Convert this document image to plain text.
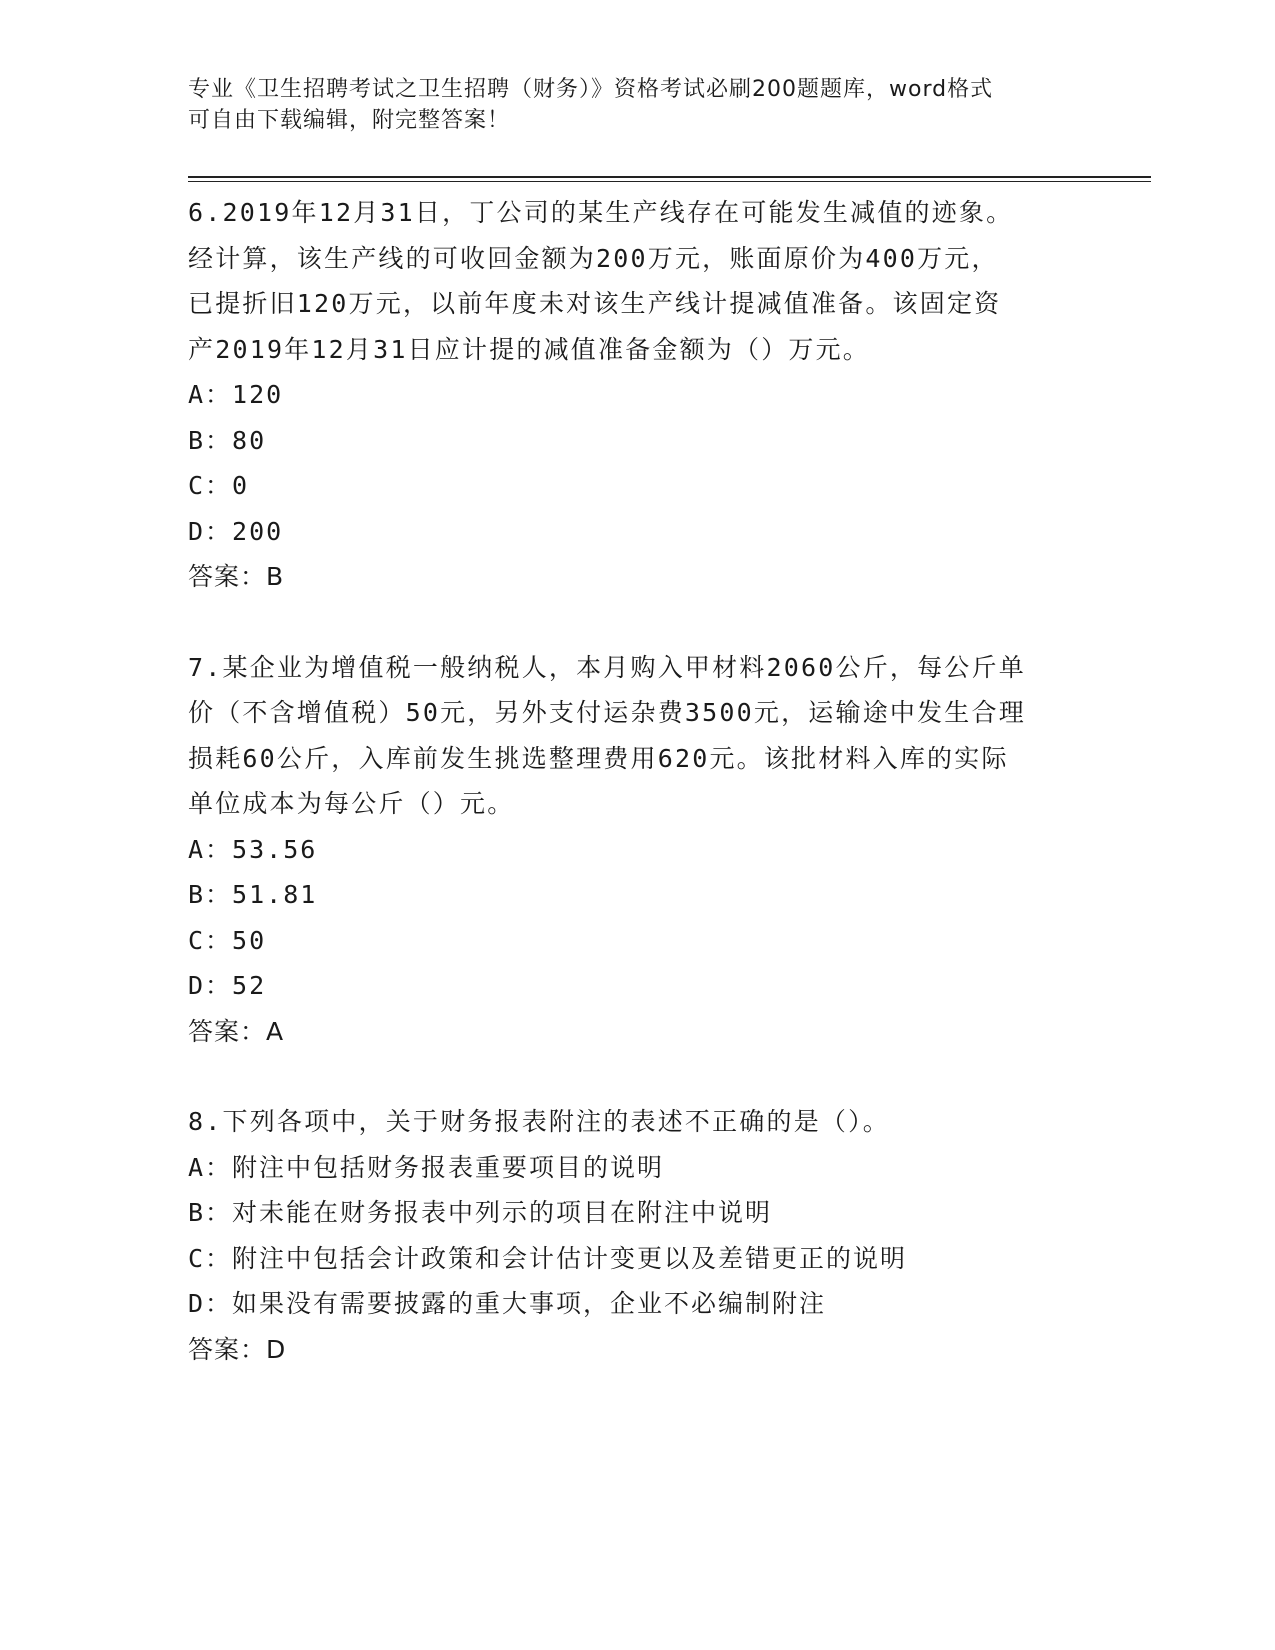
专业《卫生招聘考试之卫生招聘（财务）》资格考试必刷200题题库，word格式
可自由下载编辑，附完整答案！
6.2019年12月31日，丁公司的某生产线存在可能发生减值的迹象。
经计算，该生产线的可收回金额为200万元，账面原价为400万元，
已提折旧120万元，以前年度未对该生产线计提减值准备。该固定资
产2019年12月31日应计提的减值准备金额为（）万元。
A：120
B：80
C：0
D：200
答案：B
7.某企业为增值税一般纳税人，本月购入甲材料2060公斤，每公斤单
价（不含增值税）50元，另外支付运杂费3500元，运输途中发生合理
损耗60公斤，入库前发生挑选整理费用620元。该批材料入库的实际
单位成本为每公斤（）元。
A：53.56
B：51.81
C：50
D：52
答案：A
8.下列各项中，关于财务报表附注的表述不正确的是（）。
A：附注中包括财务报表重要项目的说明
B：对未能在财务报表中列示的项目在附注中说明
C：附注中包括会计政策和会计估计变更以及差错更正的说明
D：如果没有需要披露的重大事项，企业不必编制附注
答案：D
